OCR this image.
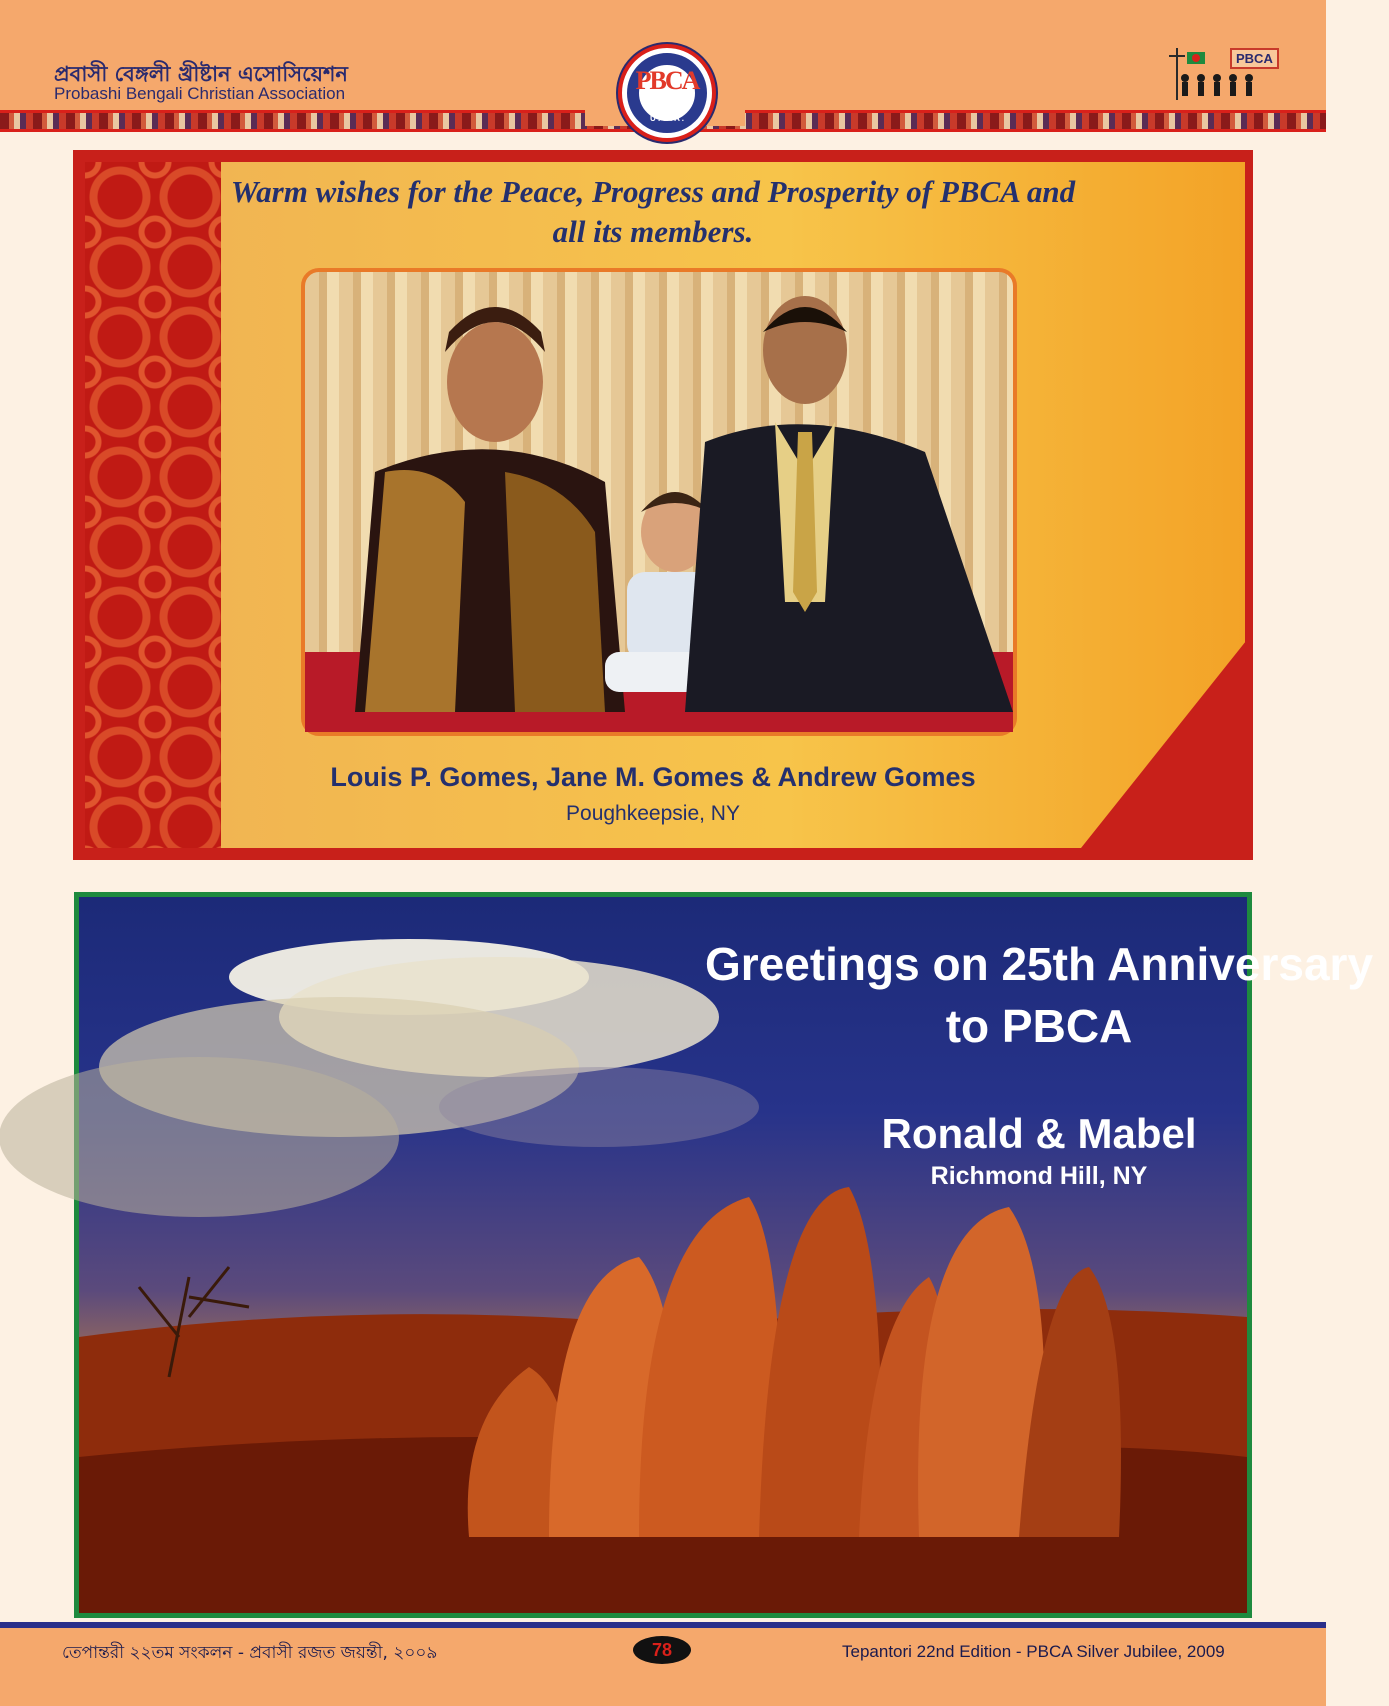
প্রবাসী বেঙ্গলী খ্রীষ্টান এসোসিয়েশন
Probashi Bengali Christian Association	PBCA
U . S . A .
PBCA
Warm wishes for the Peace, Progress and Prosperity of PBCA and all its members.
Louis P. Gomes, Jane M. Gomes & Andrew Gomes
Poughkeepsie, NY
Greetings on 25th Anniversary to PBCA
Ronald & Mabel
Richmond Hill, NY
তেপান্তরী ২২তম সংকলন - প্রবাসী রজত জয়ন্তী, ২০০৯	78	Tepantori 22nd Edition - PBCA Silver Jubilee, 2009
